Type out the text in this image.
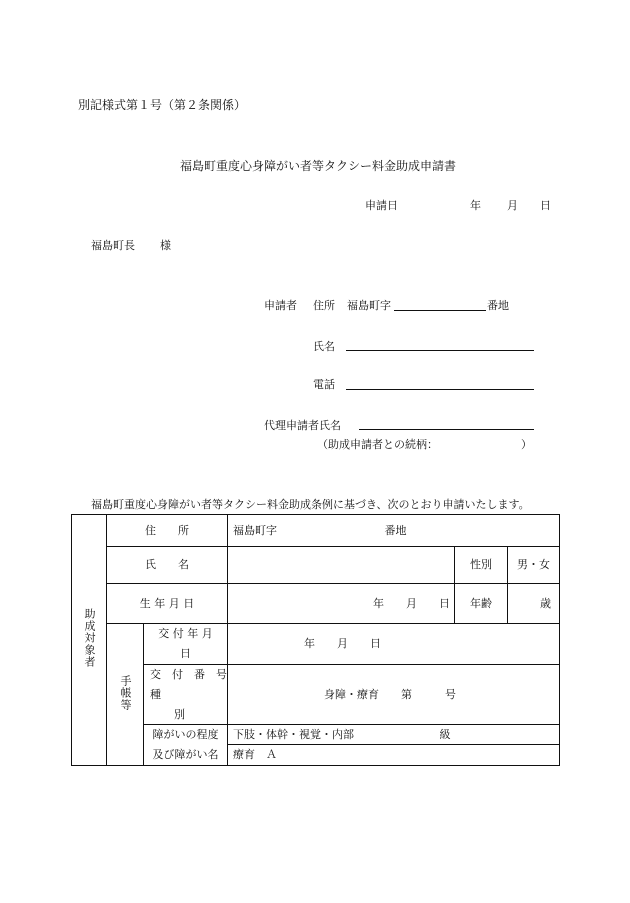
別記様式第１号（第２条関係）
福島町重度心身障がい者等タクシー料金助成申請書
申請日	年 月 日
福島町長 様
申請者 住所 福島町字	番地
氏名
電話
代理申請者氏名
（助成申請者との続柄：	）
福島町重度心身障がい者等タクシー料金助成条例に基づき、次のとおり申請いたします。
助成対象者	住　　所		福島町字 番地		
	氏　　名			性別	男・女
	生 年 月 日		年　　月　　日	年齢	歳
	手帳等	交 付 年 月
日	年　　月　　日		

		交　付　番　号
種
別	身障・療育　　第　　　号		
		障がいの程度	下肢・体幹・視覚・内部 級		
		及び障がい名	療育　Ａ		
